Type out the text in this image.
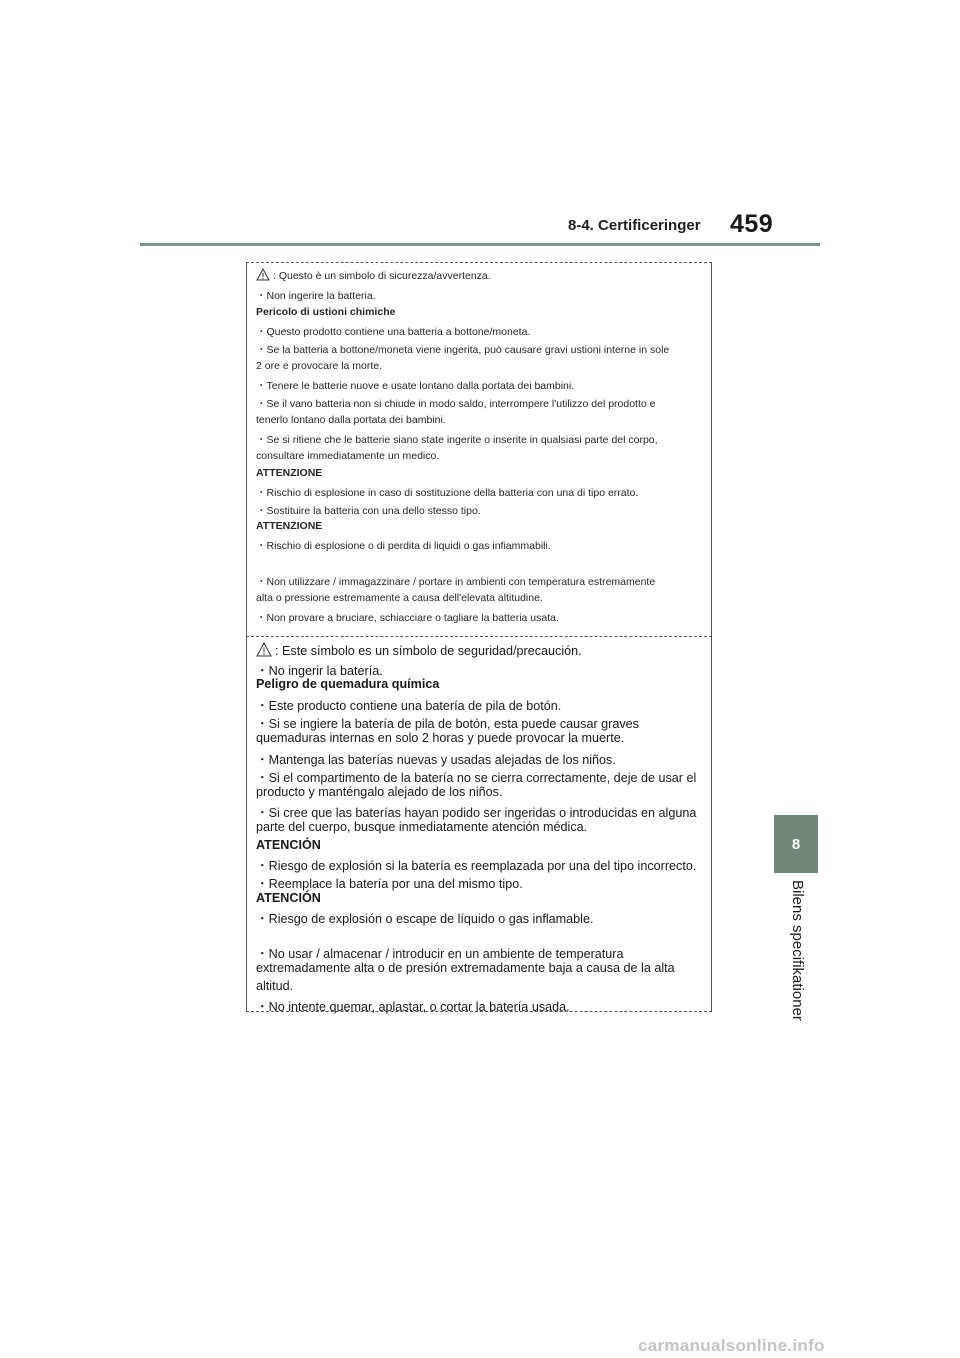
8-4. Certificeringer 459
8
Bilens specifikationer
: Questo è un simbolo di sicurezza/avvertenza.
・Non ingerire la batteria.
Pericolo di ustioni chimiche
・Questo prodotto contiene una batteria a bottone/moneta.
・Se la batteria a bottone/moneta viene ingerita, può causare gravi ustioni interne in sole
2 ore e provocare la morte.
・Tenere le batterie nuove e usate lontano dalla portata dei bambini.
・Se il vano batteria non si chiude in modo saldo, interrompere l'utilizzo del prodotto e
tenerlo lontano dalla portata dei bambini.
・Se si ritiene che le batterie siano state ingerite o inserite in qualsiasi parte del corpo,
consultare immediatamente un medico.
ATTENZIONE
・Rischio di esplosione in caso di sostituzione della batteria con una di tipo errato.
・Sostituire la batteria con una dello stesso tipo.
ATTENZIONE
・Rischio di esplosione o di perdita di liquidi o gas infiammabili.
・Non utilizzare / immagazzinare / portare in ambienti con temperatura estremamente
alta o pressione estremamente a causa dell'elevata altitudine.
・Non provare a bruciare, schiacciare o tagliare la batteria usata.
: Este símbolo es un símbolo de seguridad/precaución.
・No ingerir la batería.
Peligro de quemadura química
・Este producto contiene una batería de pila de botón.
・Si se ingiere la batería de pila de botón, esta puede causar graves
quemaduras internas en solo 2 horas y puede provocar la muerte.
・Mantenga las baterías nuevas y usadas alejadas de los niños.
・Si el compartimento de la batería no se cierra correctamente, deje de usar el
producto y manténgalo alejado de los niños.
・Si cree que las baterías hayan podido ser ingeridas o introducidas en alguna
parte del cuerpo, busque inmediatamente atención médica.
ATENCIÓN
・Riesgo de explosión si la batería es reemplazada por una del tipo incorrecto.
・Reemplace la batería por una del mismo tipo.
ATENCIÓN
・Riesgo de explosión o escape de líquido o gas inflamable.
・No usar / almacenar / introducir en un ambiente de temperatura
extremadamente alta o de presión extremadamente baja a causa de la alta
altitud.
・No intente quemar, aplastar, o cortar la batería usada.
carmanualsonline.info
